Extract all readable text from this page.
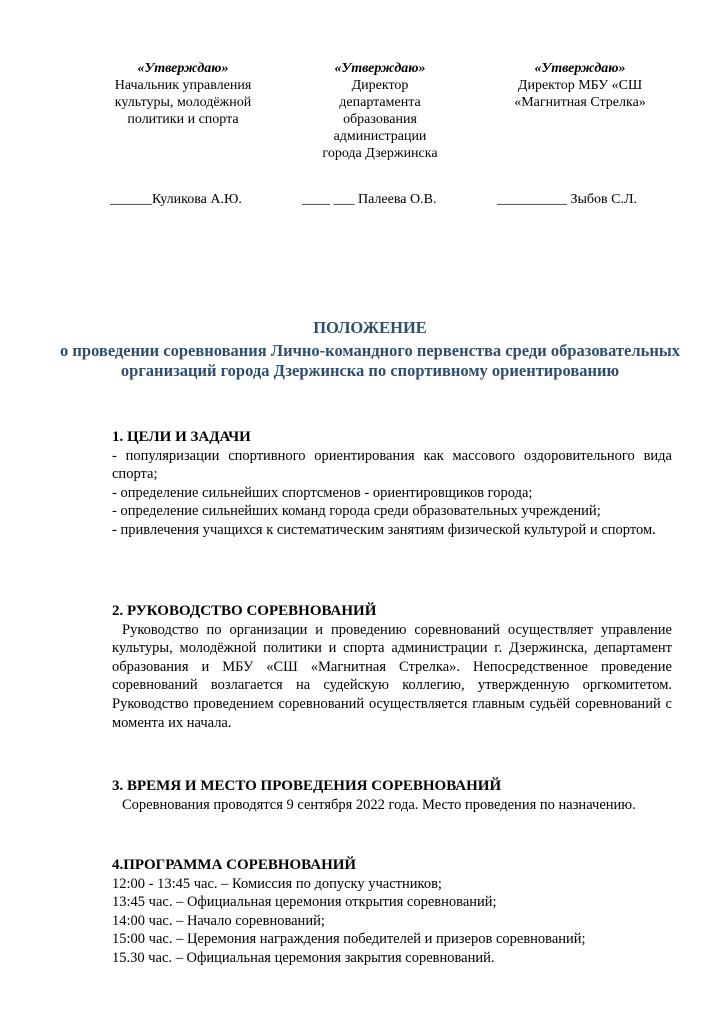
«Утверждаю»
Начальник управления
культуры, молодёжной
политики и спорта
«Утверждаю»
Директор
департамента
образования
администрации
города Дзержинска
«Утверждаю»
Директор МБУ «СШ
«Магнитная Стрелка»
______Куликова А.Ю.	____ ___ Палеева О.В.	__________ Зыбов С.Л.
ПОЛОЖЕНИЕ
о проведении соревнования Лично-командного первенства среди образовательных организаций города Дзержинска по спортивному ориентированию
1. ЦЕЛИ И ЗАДАЧИ

- популяризации спортивного ориентирования как массового оздоровительного вида спорта;

- определение сильнейших спортсменов - ориентировщиков города;

- определение сильнейших команд города среди образовательных учреждений;

- привлечения учащихся к систематическим занятиям физической культурой и спортом.

2. РУКОВОДСТВО СОРЕВНОВАНИЙ

Руководство по организации и проведению соревнований осуществляет управление культуры, молодёжной политики и спорта администрации г. Дзержинска, департамент образования и МБУ «СШ «Магнитная Стрелка». Непосредственное проведение соревнований возлагается на судейскую коллегию, утвержденную оргкомитетом. Руководство проведением соревнований осуществляется главным судьёй соревнований с момента их начала.

3. ВРЕМЯ И МЕСТО ПРОВЕДЕНИЯ СОРЕВНОВАНИЙ

Соревнования проводятся 9 сентября 2022 года. Место проведения по назначению.

4.ПРОГРАММА СОРЕВНОВАНИЙ
12:00 - 13:45 час. – Комиссия по допуску участников;
13:45 час. – Официальная церемония открытия соревнований;
14:00 час. – Начало соревнований;
15:00 час. – Церемония награждения победителей и призеров соревнований;
15.30 час. – Официальная церемония закрытия соревнований.
